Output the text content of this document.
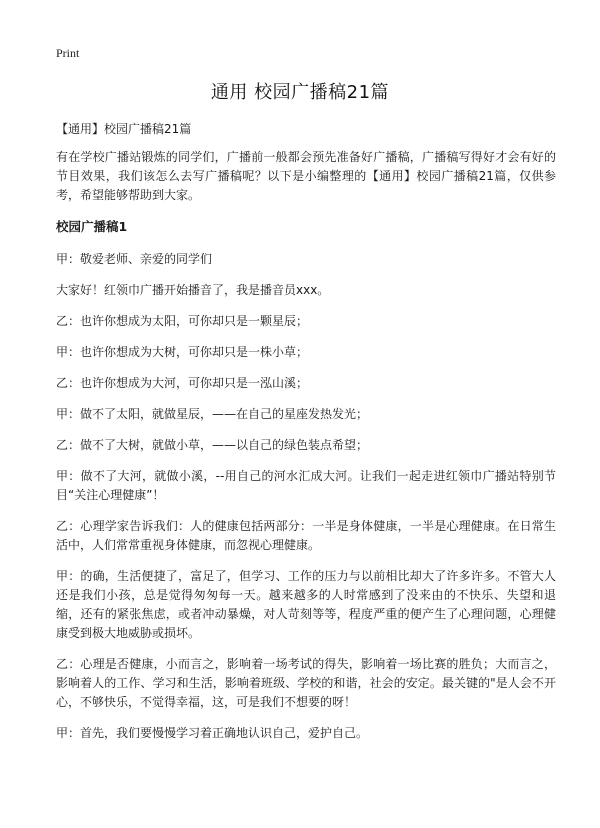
Print
通用 校园广播稿21篇

【通用】校园广播稿21篇

有在学校广播站锻炼的同学们，广播前一般都会预先准备好广播稿，广播稿写得好才会有好的节目效果，我们该怎么去写广播稿呢？以下是小编整理的【通用】校园广播稿21篇，仅供参考，希望能够帮助到大家。

校园广播稿1

甲：敬爱老师、亲爱的同学们

大家好！红领巾广播开始播音了，我是播音员xxx。

乙：也许你想成为太阳，可你却只是一颗星辰；

甲：也许你想成为大树，可你却只是一株小草；

乙：也许你想成为大河，可你却只是一泓山溪；

甲：做不了太阳，就做星辰，——在自己的星座发热发光；

乙：做不了大树，就做小草，——以自己的绿色装点希望；

甲：做不了大河，就做小溪，--用自己的河水汇成大河。让我们一起走进红领巾广播站特别节目“关注心理健康”！

乙：心理学家告诉我们：人的健康包括两部分：一半是身体健康，一半是心理健康。在日常生活中，人们常常重视身体健康，而忽视心理健康。

甲：的确，生活便捷了，富足了，但学习、工作的压力与以前相比却大了许多许多。不管大人还是我们小孩，总是觉得匆匆每一天。越来越多的人时常感到了没来由的不快乐、失望和退缩，还有的紧张焦虑，或者冲动暴燥，对人苛刻等等，程度严重的便产生了心理问题，心理健康受到极大地威胁或损坏。

乙：心理是否健康，小而言之，影响着一场考试的得失，影响着一场比赛的胜负；大而言之，影响着人的工作、学习和生活，影响着班级、学校的和谐，社会的安定。最关键的"是人会不开心，不够快乐，不觉得幸福，这，可是我们不想要的呀！

甲：首先，我们要慢慢学习着正确地认识自己，爱护自己。
